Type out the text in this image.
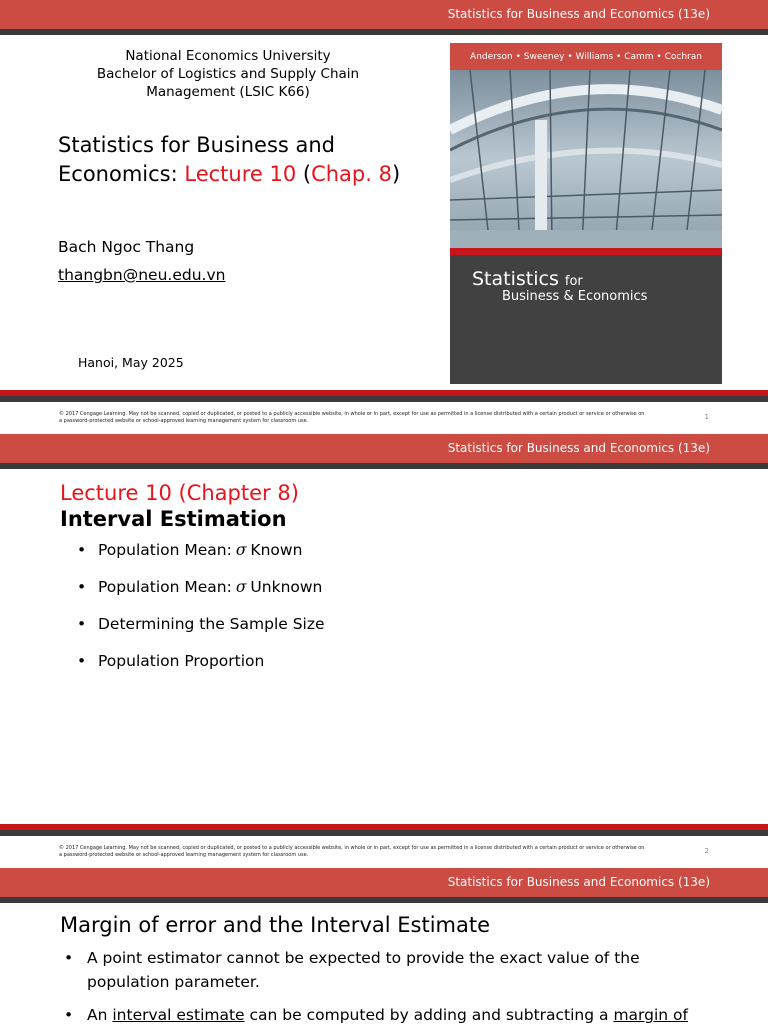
Statistics for Business and Economics (13e)
National Economics University
Bachelor of Logistics and Supply Chain Management (LSIC K66)
Statistics for Business and Economics: Lecture 10 (Chap. 8)
Bach Ngoc Thang
thangbn@neu.edu.vn
Hanoi, May 2025
Anderson • Sweeney • Williams • Camm • Cochran
Statistics for
Business & Economics
© 2017 Cengage Learning. May not be scanned, copied or duplicated, or posted to a publicly accessible website, in whole or in part, except for use as permitted in a license distributed with a certain product or service or otherwise on a password-protected website or school-approved learning management system for classroom use.	1
Statistics for Business and Economics (13e)
Lecture 10 (Chapter 8)
Interval Estimation
• Population Mean: σ Known
• Population Mean: σ Unknown
• Determining the Sample Size
• Population Proportion
© 2017 Cengage Learning. May not be scanned, copied or duplicated, or posted to a publicly accessible website, in whole or in part, except for use as permitted in a license distributed with a certain product or service or otherwise on a password-protected website or school-approved learning management system for classroom use.	2
Statistics for Business and Economics (13e)
Margin of error and the Interval Estimate
• A point estimator cannot be expected to provide the exact value of the population parameter.
• An interval estimate can be computed by adding and subtracting a margin of
